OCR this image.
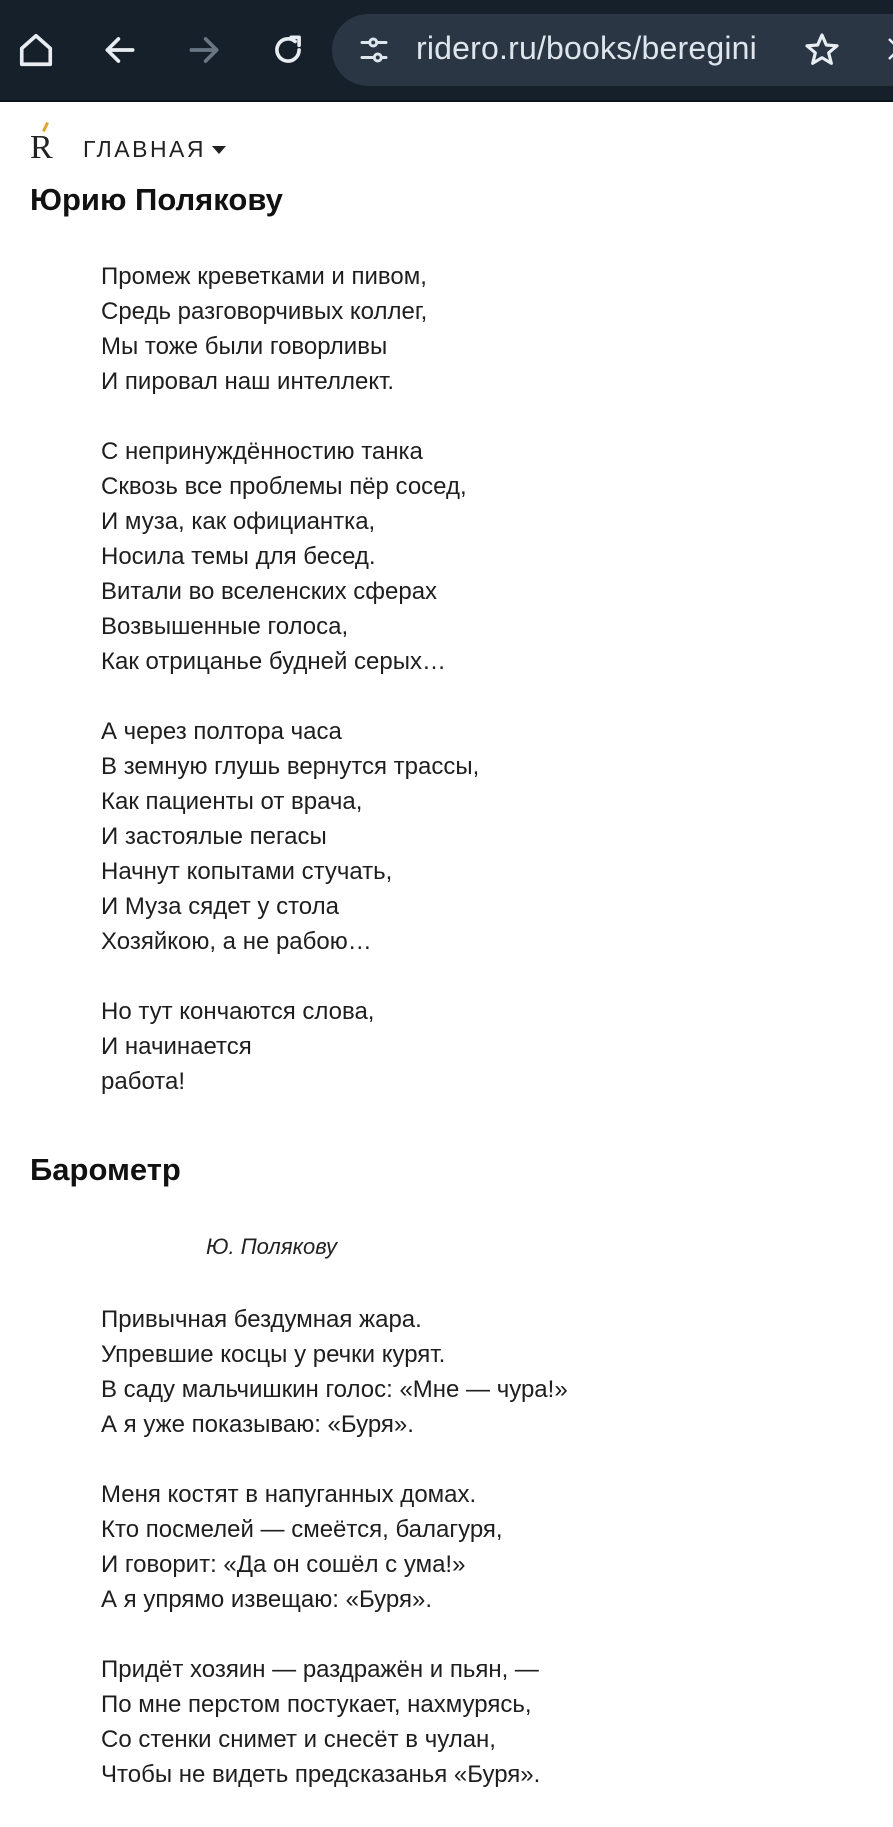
ridero.ru/books/beregini
R ГЛАВНАЯ
Юрию Полякову
Промеж креветками и пивом,
Средь разговорчивых коллег,
Мы тоже были говорливы
И пировал наш интеллект.
С непринуждённостию танка
Сквозь все проблемы пёр сосед,
И муза, как официантка,
Носила темы для бесед.
Витали во вселенских сферах
Возвышенные голоса,
Как отрицанье будней серых…
А через полтора часа
В земную глушь вернутся трассы,
Как пациенты от врача,
И застоялые пегасы
Начнут копытами стучать,
И Муза сядет у стола
Хозяйкою, а не рабою…
Но тут кончаются слова,
И начинается
работа!
Барометр
Ю. Полякову
Привычная бездумная жара.
Упревшие косцы у речки курят.
В саду мальчишкин голос: «Мне — чура!»
А я уже показываю: «Буря».
Меня костят в напуганных домах.
Кто посмелей — смеётся, балагуря,
И говорит: «Да он сошёл с ума!»
А я упрямо извещаю: «Буря».
Придёт хозяин — раздражён и пьян, —
По мне перстом постукает, нахмурясь,
Со стенки снимет и снесёт в чулан,
Чтобы не видеть предсказанья «Буря».
